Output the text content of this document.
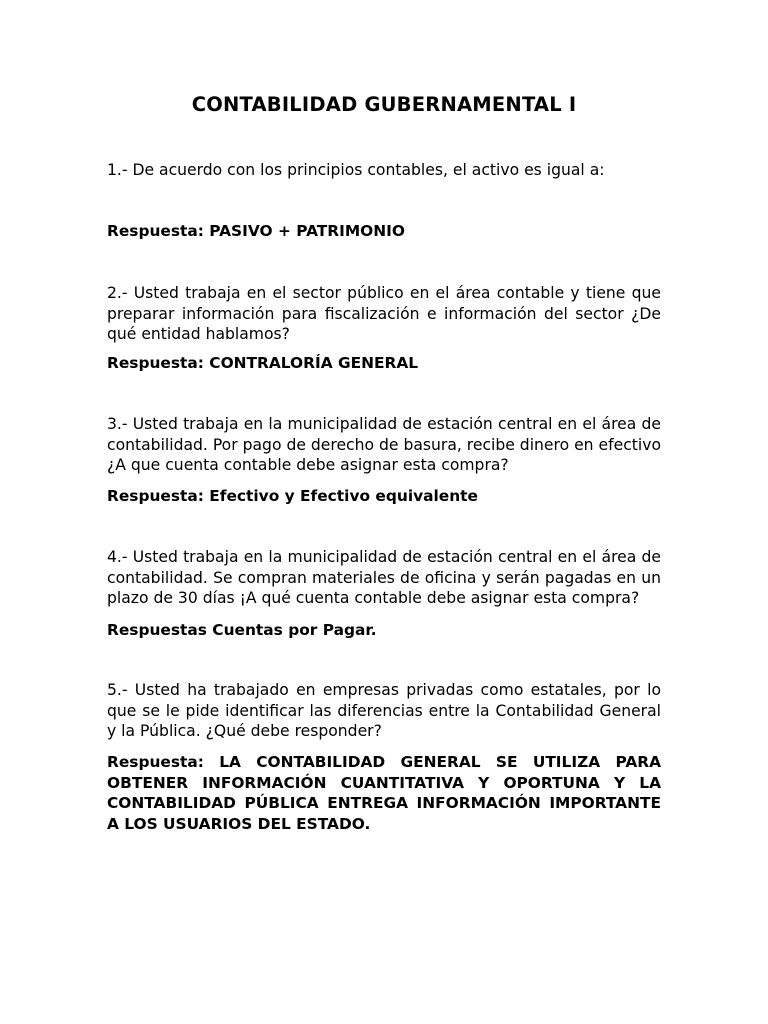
CONTABILIDAD GUBERNAMENTAL I
1.- De acuerdo con los principios contables, el activo es igual a:
Respuesta: PASIVO + PATRIMONIO
2.- Usted trabaja en el sector público en el área contable y tiene que preparar información para fiscalización e información del sector ¿De qué entidad hablamos?
Respuesta: CONTRALORÍA GENERAL
3.- Usted trabaja en la municipalidad de estación central en el área de contabilidad. Por pago de derecho de basura, recibe dinero en efectivo ¿A que cuenta contable debe asignar esta compra?
Respuesta: Efectivo y Efectivo equivalente
4.- Usted trabaja en la municipalidad de estación central en el área de contabilidad. Se compran materiales de oficina y serán pagadas en un plazo de 30 días ¡A qué cuenta contable debe asignar esta compra?
Respuestas Cuentas por Pagar.
5.- Usted ha trabajado en empresas privadas como estatales, por lo que se le pide identificar las diferencias entre la Contabilidad General y la Pública. ¿Qué debe responder?
Respuesta: LA CONTABILIDAD GENERAL SE UTILIZA PARA OBTENER INFORMACIÓN CUANTITATIVA Y OPORTUNA Y LA CONTABILIDAD PÚBLICA ENTREGA INFORMACIÓN IMPORTANTE A LOS USUARIOS DEL ESTADO.
